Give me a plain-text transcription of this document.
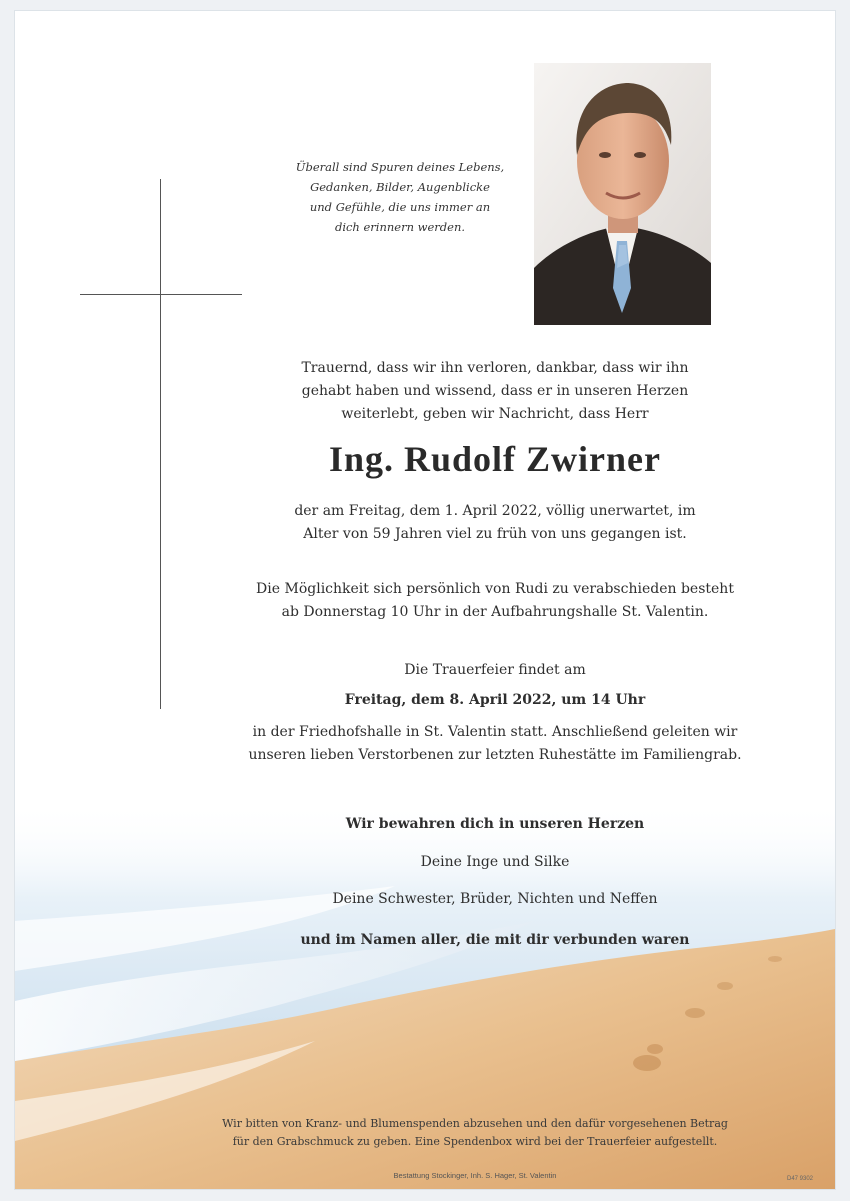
Überall sind Spuren deines Lebens,
Gedanken, Bilder, Augenblicke
und Gefühle, die uns immer an
dich erinnern werden.
Trauernd, dass wir ihn verloren, dankbar, dass wir ihn
gehabt haben und wissend, dass er in unseren Herzen
weiterlebt, geben wir Nachricht, dass Herr
Ing. Rudolf Zwirner
der am Freitag, dem 1. April 2022, völlig unerwartet, im
Alter von 59 Jahren viel zu früh von uns gegangen ist.
Die Möglichkeit sich persönlich von Rudi zu verabschieden besteht
ab Donnerstag 10 Uhr in der Aufbahrungshalle St. Valentin.
Die Trauerfeier findet am
Freitag, dem 8. April 2022, um 14 Uhr
in der Friedhofshalle in St. Valentin statt. Anschließend geleiten wir
unseren lieben Verstorbenen zur letzten Ruhestätte im Familiengrab.
Wir bewahren dich in unseren Herzen
Deine Inge und Silke
Deine Schwester, Brüder, Nichten und Neffen
und im Namen aller, die mit dir verbunden waren
Wir bitten von Kranz- und Blumenspenden abzusehen und den dafür vorgesehenen Betrag
für den Grabschmuck zu geben. Eine Spendenbox wird bei der Trauerfeier aufgestellt.
Bestattung Stockinger, Inh. S. Hager, St. Valentin	D47 9302
